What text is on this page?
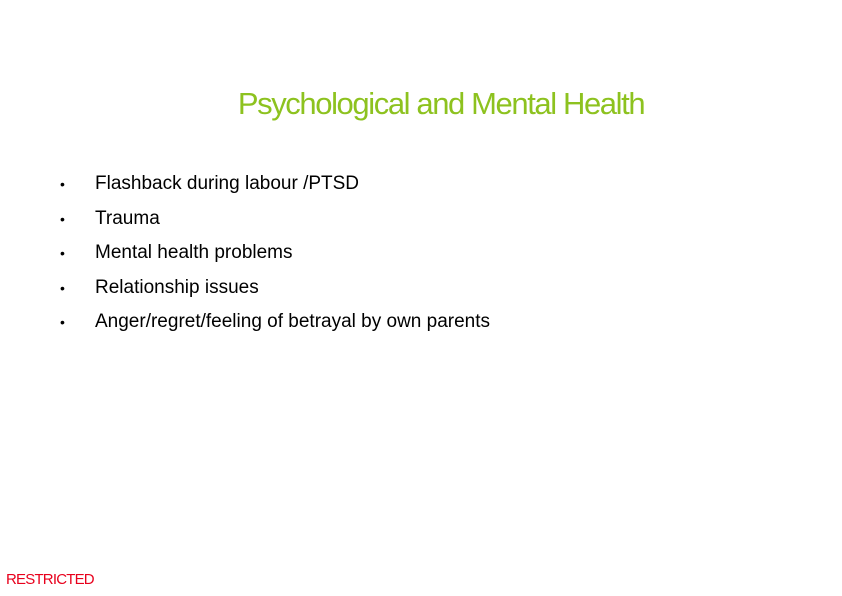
Psychological and Mental Health
• Flashback during labour /PTSD
• Trauma
• Mental health problems
• Relationship issues
• Anger/regret/feeling of betrayal by own parents
RESTRICTED
